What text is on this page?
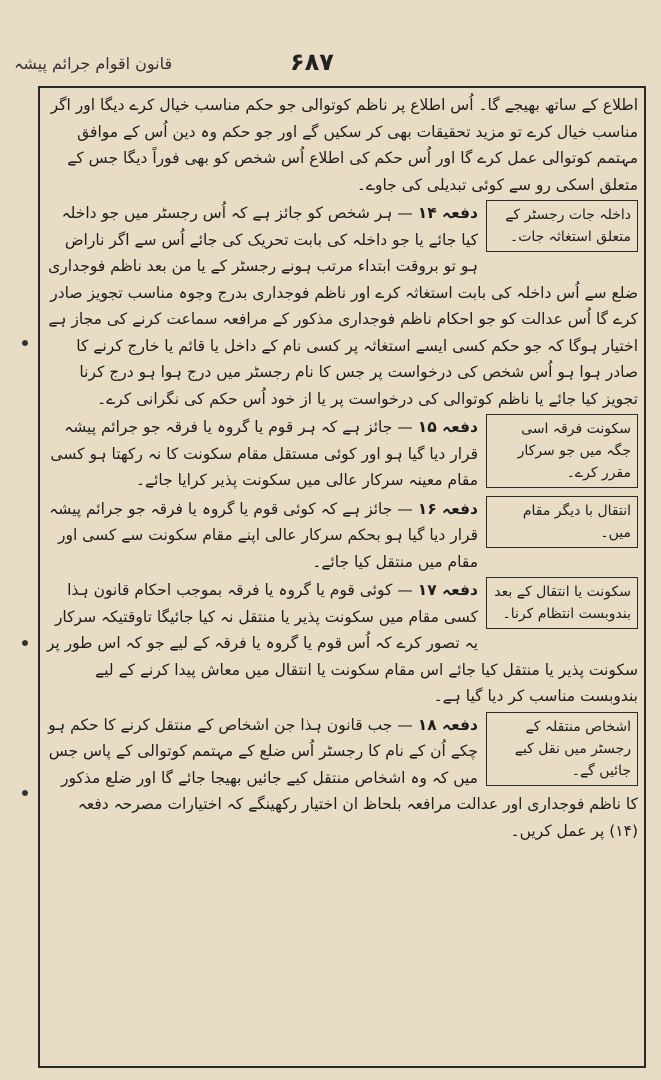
قانون اقوام جرائم پیشہ	۶۸۷

اطلاع کے ساتھ بھیجے گا۔ اُس اطلاع پر ناظم کوتوالی جو حکم مناسب خیال کرے دیگا اور اگر مناسب خیال کرے تو مزید تحقیقات بھی کر سکیں گے اور جو حکم وہ دین اُس کے موافق مہتمم کوتوالی عمل کرے گا اور اُس حکم کی اطلاع اُس شخص کو بھی فوراً دیگا جس کے متعلق اسکی رو سے کوئی تبدیلی کی جاوے۔

داخلہ جات رجسٹر کے متعلق استغاثہ جات۔

دفعہ ۱۴ — ہر شخص کو جائز ہے کہ اُس رجسٹر میں جو داخلہ کیا جائے یا جو داخلہ کی بابت تحریک کی جائے اُس سے اگر ناراض ہو تو بروقت ابتداء مرتب ہونے رجسٹر کے یا من بعد ناظم فوجداری ضلع سے اُس داخلہ کی بابت استغاثہ کرے اور ناظم فوجداری بدرج وجوہ مناسب تجویز صادر کرے گا اُس عدالت کو جو احکام ناظم فوجداری مذکور کے مرافعہ سماعت کرنے کی مجاز ہے اختیار ہوگا کہ جو حکم کسی ایسے استغاثہ پر کسی نام کے داخل یا قائم یا خارج کرنے کا صادر ہوا ہو اُس شخص کی درخواست پر جس کا نام رجسٹر میں درج ہوا ہو درج کرنا تجویز کیا جائے یا ناظم کوتوالی کی درخواست پر یا از خود اُس حکم کی نگرانی کرے۔

سکونت فرقہ اسی جگہ میں جو سرکار مقرر کرے۔

دفعہ ۱۵ — جائز ہے کہ ہر قوم یا گروہ یا فرقہ جو جرائم پیشہ قرار دیا گیا ہو اور کوئی مستقل مقام سکونت کا نہ رکھتا ہو کسی مقام معینہ سرکار عالی میں سکونت پذیر کرایا جائے۔

انتقال با دیگر مقام میں۔

دفعہ ۱۶ — جائز ہے کہ کوئی قوم یا گروہ یا فرقہ جو جرائم پیشہ قرار دیا گیا ہو بحکم سرکار عالی اپنے مقام سکونت سے کسی اور مقام میں منتقل کیا جائے۔

سکونت یا انتقال کے بعد بندوبست انتظام کرنا۔

دفعہ ۱۷ — کوئی قوم یا گروہ یا فرقہ بموجب احکام قانون ہذا کسی مقام میں سکونت پذیر یا منتقل نہ کیا جائیگا تاوقتیکہ سرکار یہ تصور کرے کہ اُس قوم یا گروہ یا فرقہ کے لیے جو کہ اس طور پر سکونت پذیر یا منتقل کیا جائے اس مقام سکونت یا انتقال میں معاش پیدا کرنے کے لیے بندوبست مناسب کر دیا گیا ہے۔

اشخاص منتقلہ کے رجسٹر میں نقل کیے جائیں گے۔

دفعہ ۱۸ — جب قانون ہذا جن اشخاص کے منتقل کرنے کا حکم ہو چکے اُن کے نام کا رجسٹر اُس ضلع کے مہتمم کوتوالی کے پاس جس میں کہ وہ اشخاص منتقل کیے جائیں بھیجا جائے گا اور ضلع مذکور کا ناظم فوجداری اور عدالت مرافعہ بلحاظ ان اختیار رکھینگے کہ اختیارات مصرحہ دفعہ (۱۴) پر عمل کریں۔
